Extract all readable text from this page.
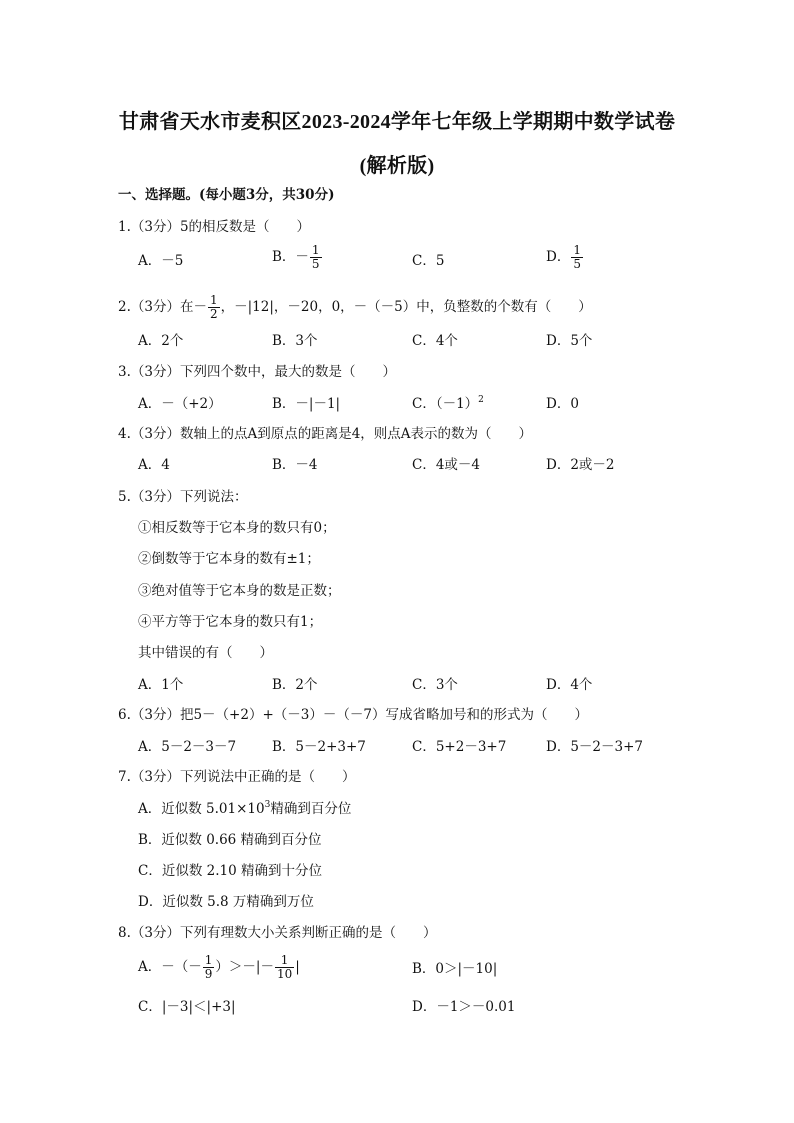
甘肃省天水市麦积区2023-2024学年七年级上学期期中数学试卷
(解析版)
一、选择题。(每小题3分，共30分)
1.（3分）5的相反数是（　　）
A．－5	B．－ $\frac{1}{5}$	C．5	D． $\frac{1}{5}$
2.（3分）在－ $\frac{1}{2}$ ，－|12|，－20，0，－（－5）中，负整数的个数有（　　）
A．2个	B．3个	C．4个	D．5个
3.（3分）下列四个数中，最大的数是（　　）
A．－（+2）	B．－|－1|	C．$(-1)^2$	D．0
4.（3分）数轴上的点A到原点的距离是4，则点A表示的数为（　　）
A．4	B．－4	C．4或－4	D．2或－2
5.（3分）下列说法：
①相反数等于它本身的数只有0；
②倒数等于它本身的数有±1；
③绝对值等于它本身的数是正数；
④平方等于它本身的数只有1；
其中错误的有（　　）
A．1个	B．2个	C．3个	D．4个
6.（3分）把5－（+2）+（－3）－（－7）写成省略加号和的形式为（　　）
A．5－2－3－7	B．5－2+3+7	C．5+2－3+7	D．5－2－3+7
7.（3分）下列说法中正确的是（　　）
A．近似数 $5.01\times 10^3$精确到百分位
B．近似数 0.66 精确到百分位
C．近似数 2.10 精确到十分位
D．近似数 5.8 万精确到万位
8.（3分）下列有理数大小关系判断正确的是（　　）
A．－（－ $\frac{1}{9}$ ）＞－|－ $\frac{1}{10}$ |	B．0＞|－10|
C．|－3|＜|+3|	D．－1＞－0.01
